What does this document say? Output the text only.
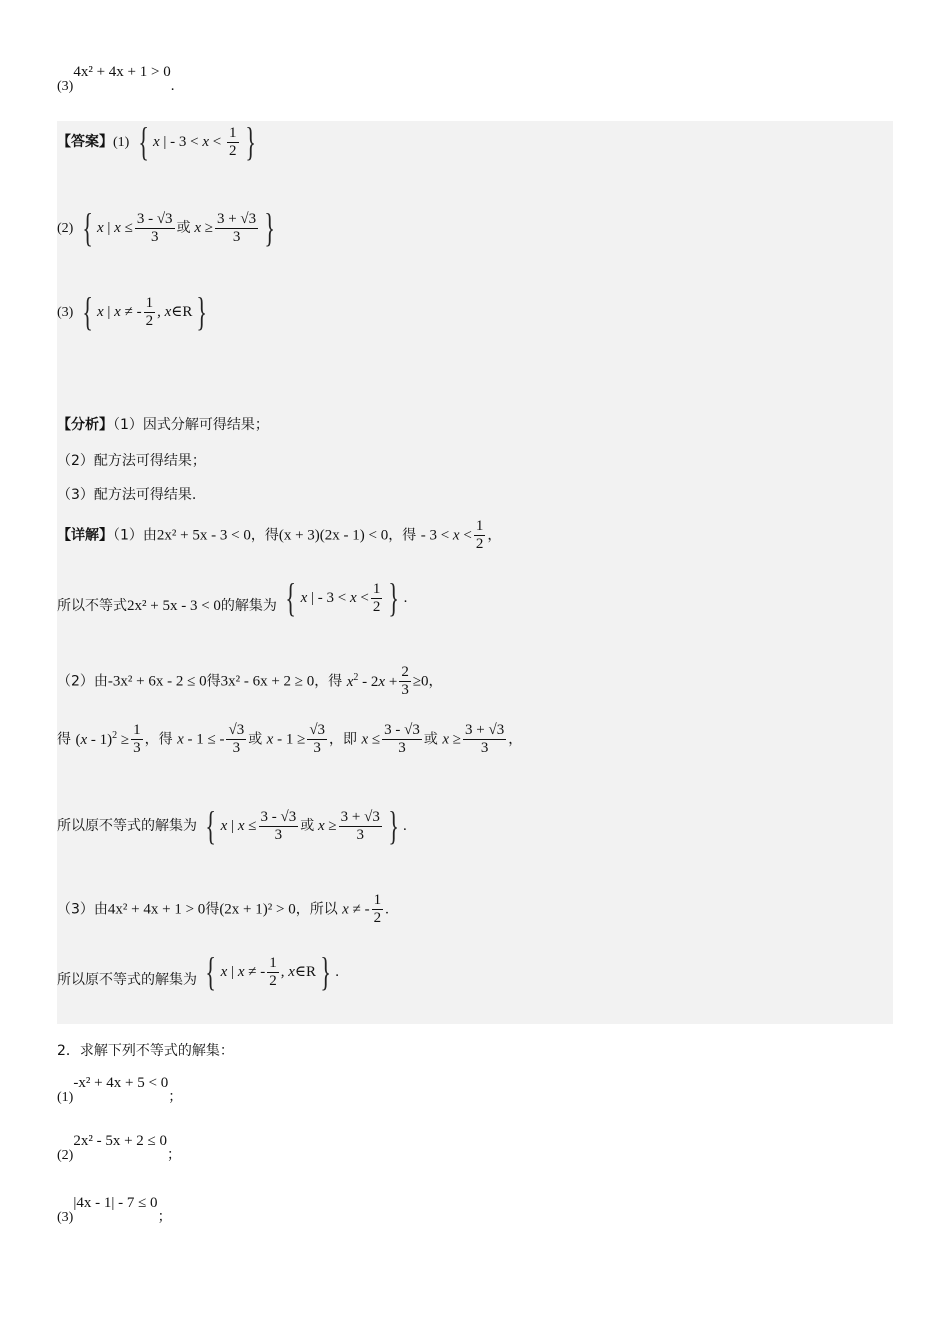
(3)4x² + 4x + 1 > 0.
【答案】(1) { x | - $3 < x < \frac{1}{2}$ }
(2) { x | $x \le \frac{3 - √3}{3}$ 或 $x \ge \frac{3 + √3}{3}$ }
(3) { x | x ≠ - $\frac{1}{2}$ , x∈R }
【分析】（1）因式分解可得结果；
（2）配方法可得结果；
（3）配方法可得结果.
【详解】（1）由2x² + 5x - 3 < 0，得(x + 3)(2x - 1) < 0，得 - $3 < x < \frac{1}{2}$ ，
所以不等式2x² + 5x - 3 < 0的解集为 { x | - $3 < x < \frac{1}{2}$ } .
（2）由-3x² + 6x - 2 ≤ 0得3x² - 6x + 2 ≥ 0，得 $x^2 - 2x + \frac{2}{3} \ge 0$，
得 $(x - 1)^2 \ge \frac{1}{3}$ ，得 x - 1 ≤ - $\frac{√3}{3}$ 或 $x - 1 \ge \frac{√3}{3}$ ，即 $x \le \frac{3 - √3}{3}$ 或 $x \ge \frac{3 + √3}{3}$ ，
所以原不等式的解集为 { x | $x \le \frac{3 - √3}{3}$ 或 $x \ge \frac{3 + √3}{3}$ } .
（3）由4x² + 4x + 1 > 0得(2x + 1)² > 0，所以 x ≠ - $\frac{1}{2}$ .
所以原不等式的解集为 { x | x ≠ - $\frac{1}{2}$ , x∈R } .
2．求解下列不等式的解集：
(1)-x² + 4x + 5 < 0；
(2)2x² - 5x + 2 ≤ 0；
(3)|4x - 1| - 7 ≤ 0；
